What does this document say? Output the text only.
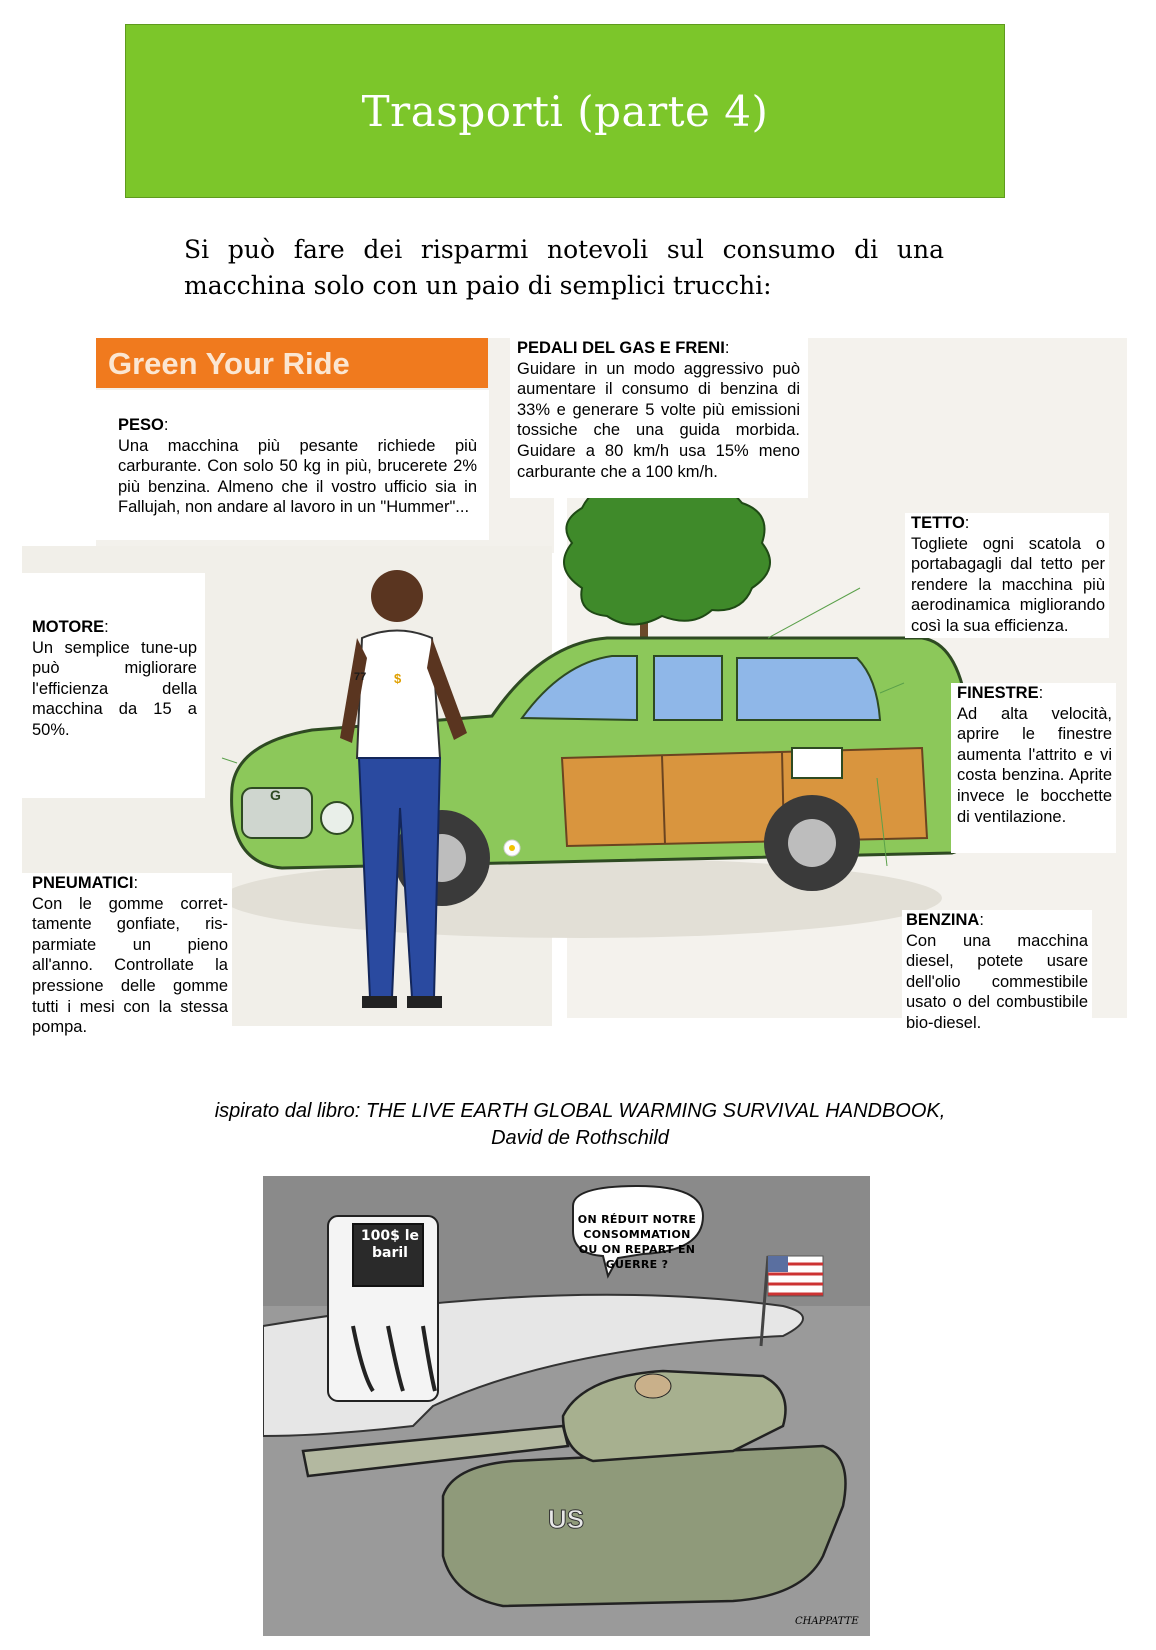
Trasporti (parte 4)

Si può fare dei risparmi notevoli sul consumo di una macchina solo con un paio di semplici trucchi:

Green Your Ride
G
77 $
PESO:
Una macchina più pesante richiede più carburante. Con solo 50 kg in più, brucerete 2% più benzina. Almeno che il vostro ufficio sia in Fallujah, non andare al lavoro in un "Hummer"...
PEDALI DEL GAS E FRENI:
Guidare in un modo aggressivo può aumentare il consumo di benzina di 33% e generare 5 volte più emissioni tossiche che una guida morbida. Guidare a 80 km/h usa 15% meno carburante che a 100 km/h.
TETTO:
Togliete ogni scatola o portabagagli dal tetto per rendere la macchina più aerodinamica migliorando così la sua efficienza.
MOTORE:
Un semplice tune-up può migliorare l'efficienza della macchina da 15 a 50%.
FINESTRE:
Ad alta velocità, aprire le finestre aumenta l'attrito e vi costa benzina. Aprite invece le bocchette di ventilazione.
PNEUMATICI:
Con le gomme correttamente gonfiate, risparmiate un pieno all'anno. Controllate la pressione delle gomme tutti i mesi con la stessa pompa.
BENZINA:
Con una macchina diesel, potete usare dell'olio commestibile usato o del combustibile bio-diesel.
ispirato dal libro: THE LIVE EARTH GLOBAL WARMING SURVIVAL HANDBOOK,
David de Rothschild
US
100$ le baril
ON RÉDUIT NOTRE CONSOMMATION OU ON REPART EN GUERRE ?
CHAPPATTE
